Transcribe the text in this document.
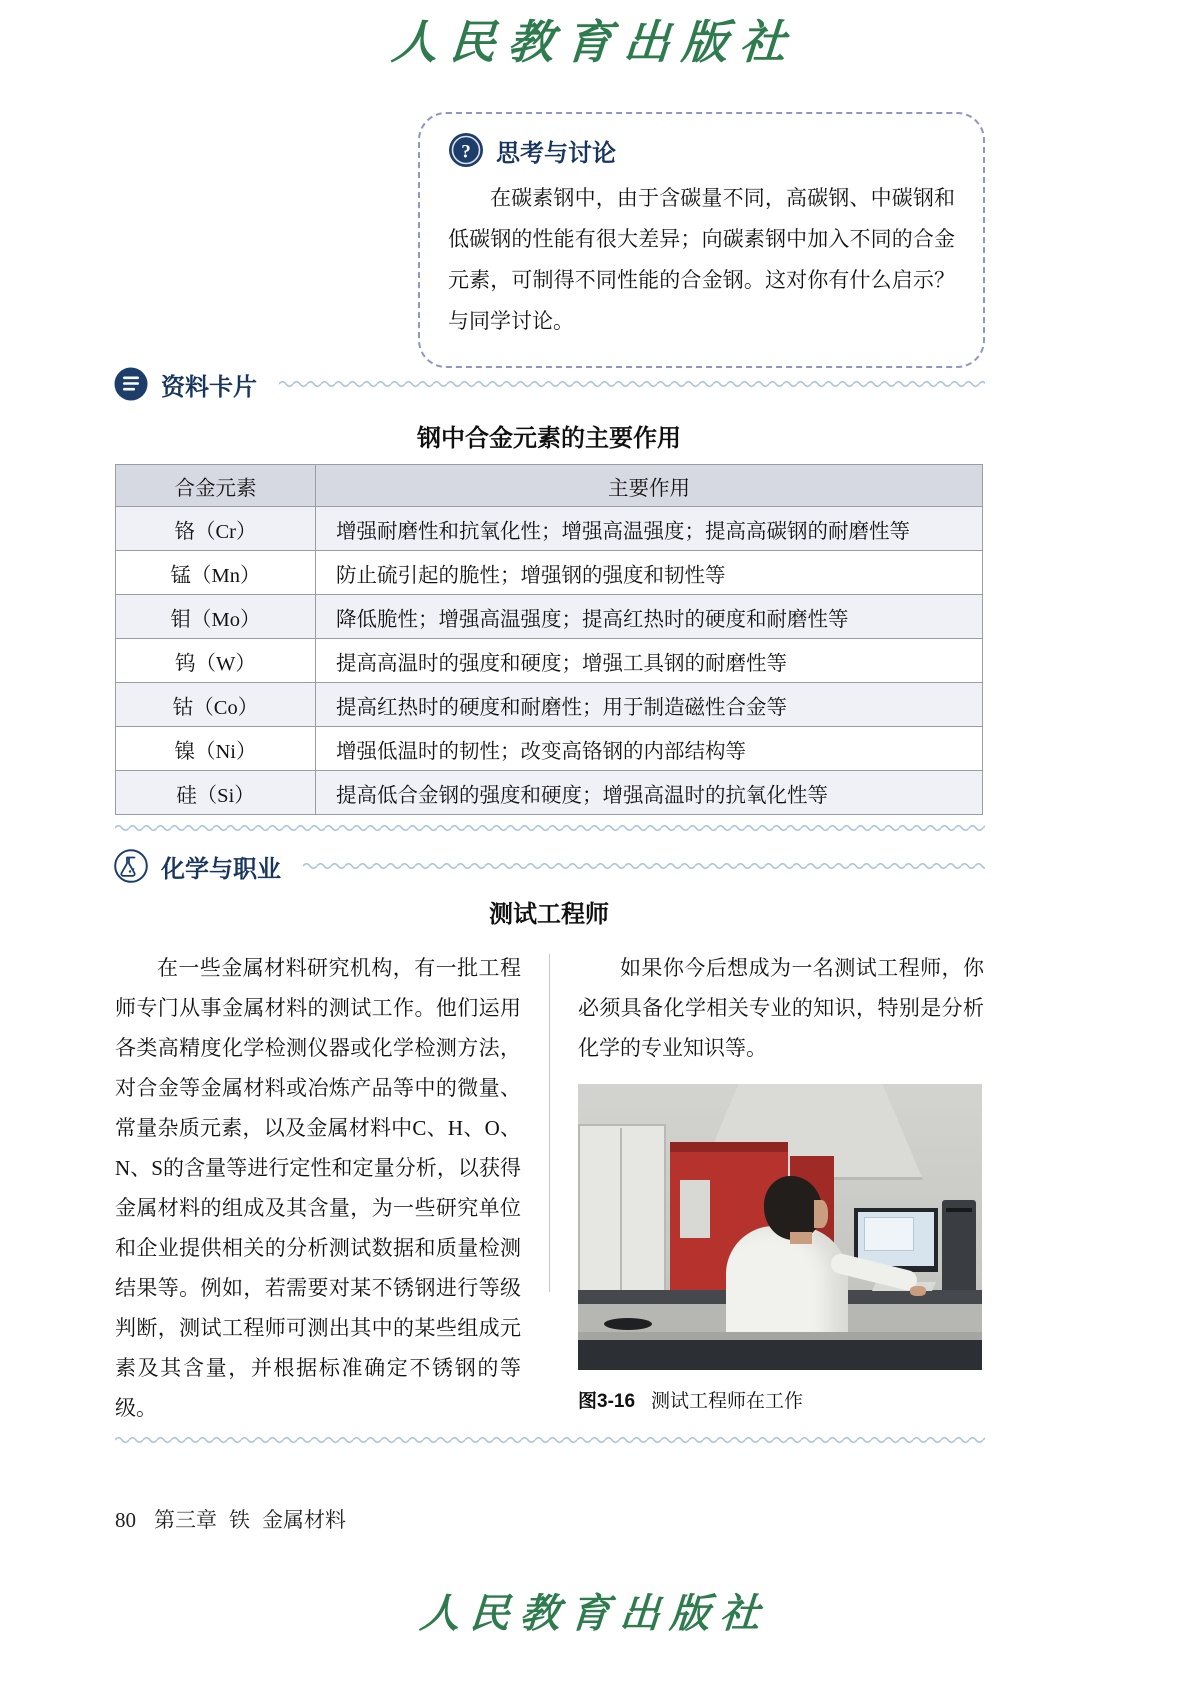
人民教育出版社
? 思考与讨论

在碳素钢中，由于含碳量不同，高碳钢、中碳钢和低碳钢的性能有很大差异；向碳素钢中加入不同的合金元素，可制得不同性能的合金钢。这对你有什么启示？与同学讨论。

资料卡片
钢中合金元素的主要作用
合金元素	主要作用
铬（Cr）	增强耐磨性和抗氧化性；增强高温强度；提高高碳钢的耐磨性等
锰（Mn）	防止硫引起的脆性；增强钢的强度和韧性等
钼（Mo）	降低脆性；增强高温强度；提高红热时的硬度和耐磨性等
钨（W）	提高高温时的强度和硬度；增强工具钢的耐磨性等
钴（Co）	提高红热时的硬度和耐磨性；用于制造磁性合金等
镍（Ni）	增强低温时的韧性；改变高铬钢的内部结构等
硅（Si）	提高低合金钢的强度和硬度；增强高温时的抗氧化性等
化学与职业
测试工程师

在一些金属材料研究机构，有一批工程师专门从事金属材料的测试工作。他们运用各类高精度化学检测仪器或化学检测方法，对合金等金属材料或冶炼产品等中的微量、常量杂质元素，以及金属材料中C、H、O、N、S的含量等进行定性和定量分析，以获得金属材料的组成及其含量，为一些研究单位和企业提供相关的分析测试数据和质量检测结果等。例如，若需要对某不锈钢进行等级判断，测试工程师可测出其中的某些组成元素及其含量，并根据标准确定不锈钢的等级。

如果你今后想成为一名测试工程师，你必须具备化学相关专业的知识，特别是分析化学的专业知识等。

图3-16 测试工程师在工作
80 第三章 铁 金属材料
人民教育出版社
